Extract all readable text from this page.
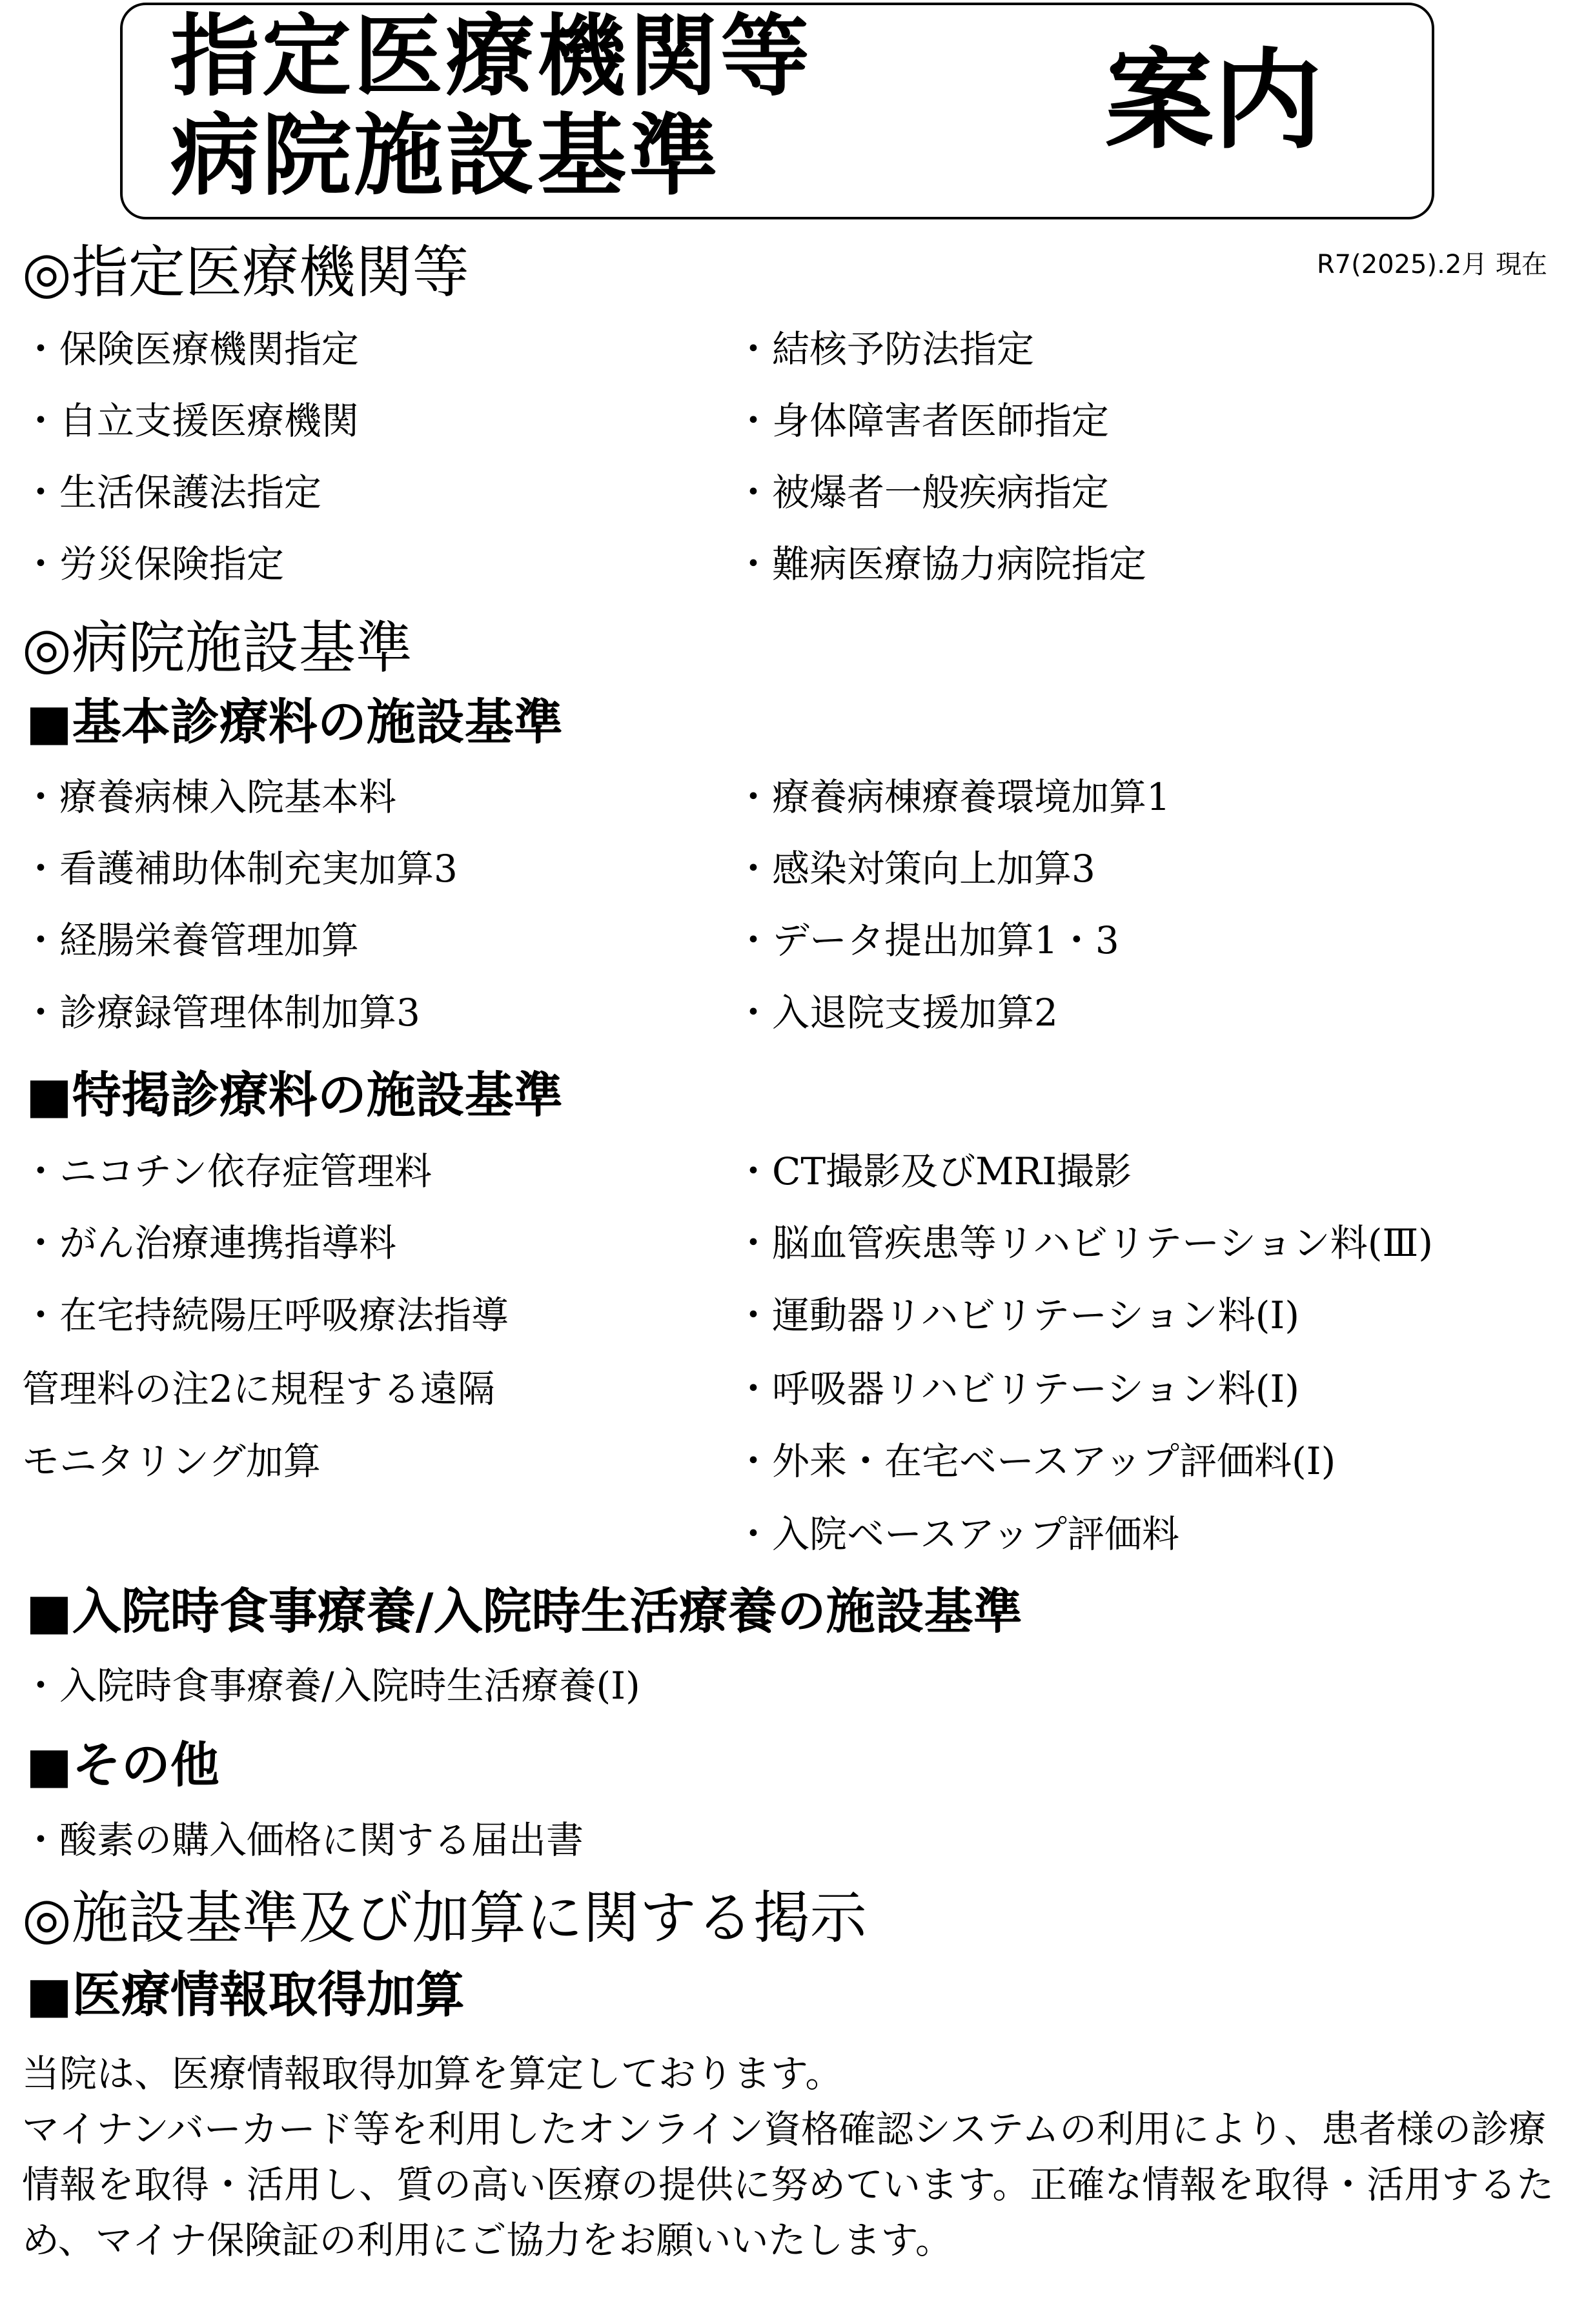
指定医療機関等
病院施設基準	案内
R7(2025).2月 現在
◎指定医療機関等
・保険医療機関指定
・自立支援医療機関
・生活保護法指定
・労災保険指定
・結核予防法指定
・身体障害者医師指定
・被爆者一般疾病指定
・難病医療協力病院指定
◎病院施設基準
■基本診療料の施設基準
・療養病棟入院基本料
・看護補助体制充実加算3
・経腸栄養管理加算
・診療録管理体制加算3
・療養病棟療養環境加算1
・感染対策向上加算3
・データ提出加算1・3
・入退院支援加算2
■特掲診療料の施設基準
・ニコチン依存症管理料
・がん治療連携指導料
・在宅持続陽圧呼吸療法指導
管理料の注2に規程する遠隔
モニタリング加算
・CT撮影及びMRI撮影
・脳血管疾患等リハビリテーション料(Ⅲ)
・運動器リハビリテーション料(Ⅰ)
・呼吸器リハビリテーション料(Ⅰ)
・外来・在宅ベースアップ評価料(Ⅰ)
・入院ベースアップ評価料
■入院時食事療養/入院時生活療養の施設基準
・入院時食事療養/入院時生活療養(Ⅰ)
■その他
・酸素の購入価格に関する届出書
◎施設基準及び加算に関する掲示
■医療情報取得加算

当院は、医療情報取得加算を算定しております。

マイナンバーカード等を利用したオンライン資格確認システムの利用により、患者様の診療情報を取得・活用し、質の高い医療の提供に努めています。正確な情報を取得・活用するため、マイナ保険証の利用にご協力をお願いいたします。
